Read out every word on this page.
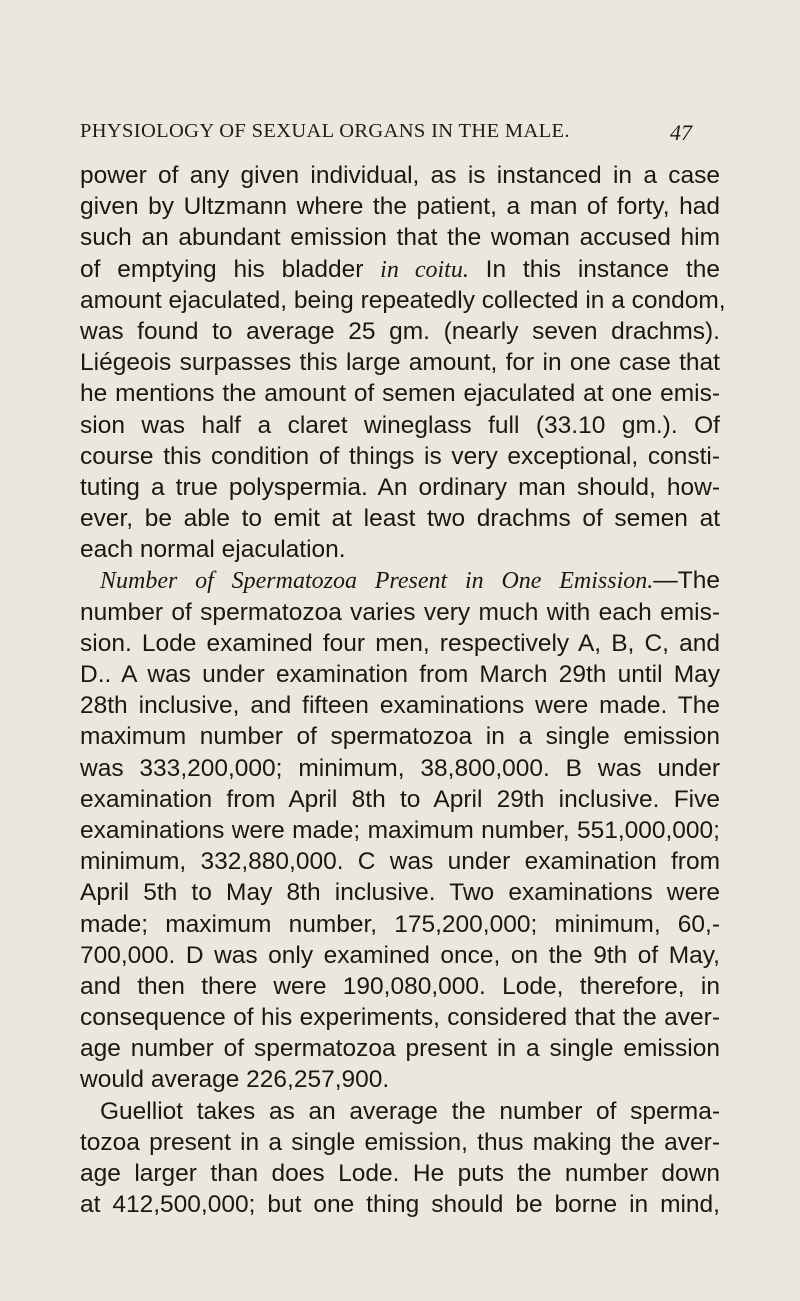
PHYSIOLOGY OF SEXUAL ORGANS IN THE MALE.	47
power of any given individual, as is instanced in a case
given by Ultzmann where the patient, a man of forty, had
such an abundant emission that the woman accused him
of emptying his bladder in coitu. In this instance the
amount ejaculated, being repeatedly collected in a condom,
was found to average 25 gm. (nearly seven drachms).
Liégeois surpasses this large amount, for in one case that
he mentions the amount of semen ejaculated at one emis-
sion was half a claret wineglass full (33.10 gm.). Of
course this condition of things is very exceptional, consti-
tuting a true polyspermia. An ordinary man should, how-
ever, be able to emit at least two drachms of semen at
each normal ejaculation.
Number of Spermatozoa Present in One Emission.—The
number of spermatozoa varies very much with each emis-
sion. Lode examined four men, respectively A, B, C, and
D.. A was under examination from March 29th until May
28th inclusive, and fifteen examinations were made. The
maximum number of spermatozoa in a single emission
was 333,200,000; minimum, 38,800,000. B was under
examination from April 8th to April 29th inclusive. Five
examinations were made; maximum number, 551,000,000;
minimum, 332,880,000. C was under examination from
April 5th to May 8th inclusive. Two examinations were
made; maximum number, 175,200,000; minimum, 60,-
700,000. D was only examined once, on the 9th of May,
and then there were 190,080,000. Lode, therefore, in
consequence of his experiments, considered that the aver-
age number of spermatozoa present in a single emission
would average 226,257,900.
Guelliot takes as an average the number of sperma-
tozoa present in a single emission, thus making the aver-
age larger than does Lode. He puts the number down
at 412,500,000; but one thing should be borne in mind,
